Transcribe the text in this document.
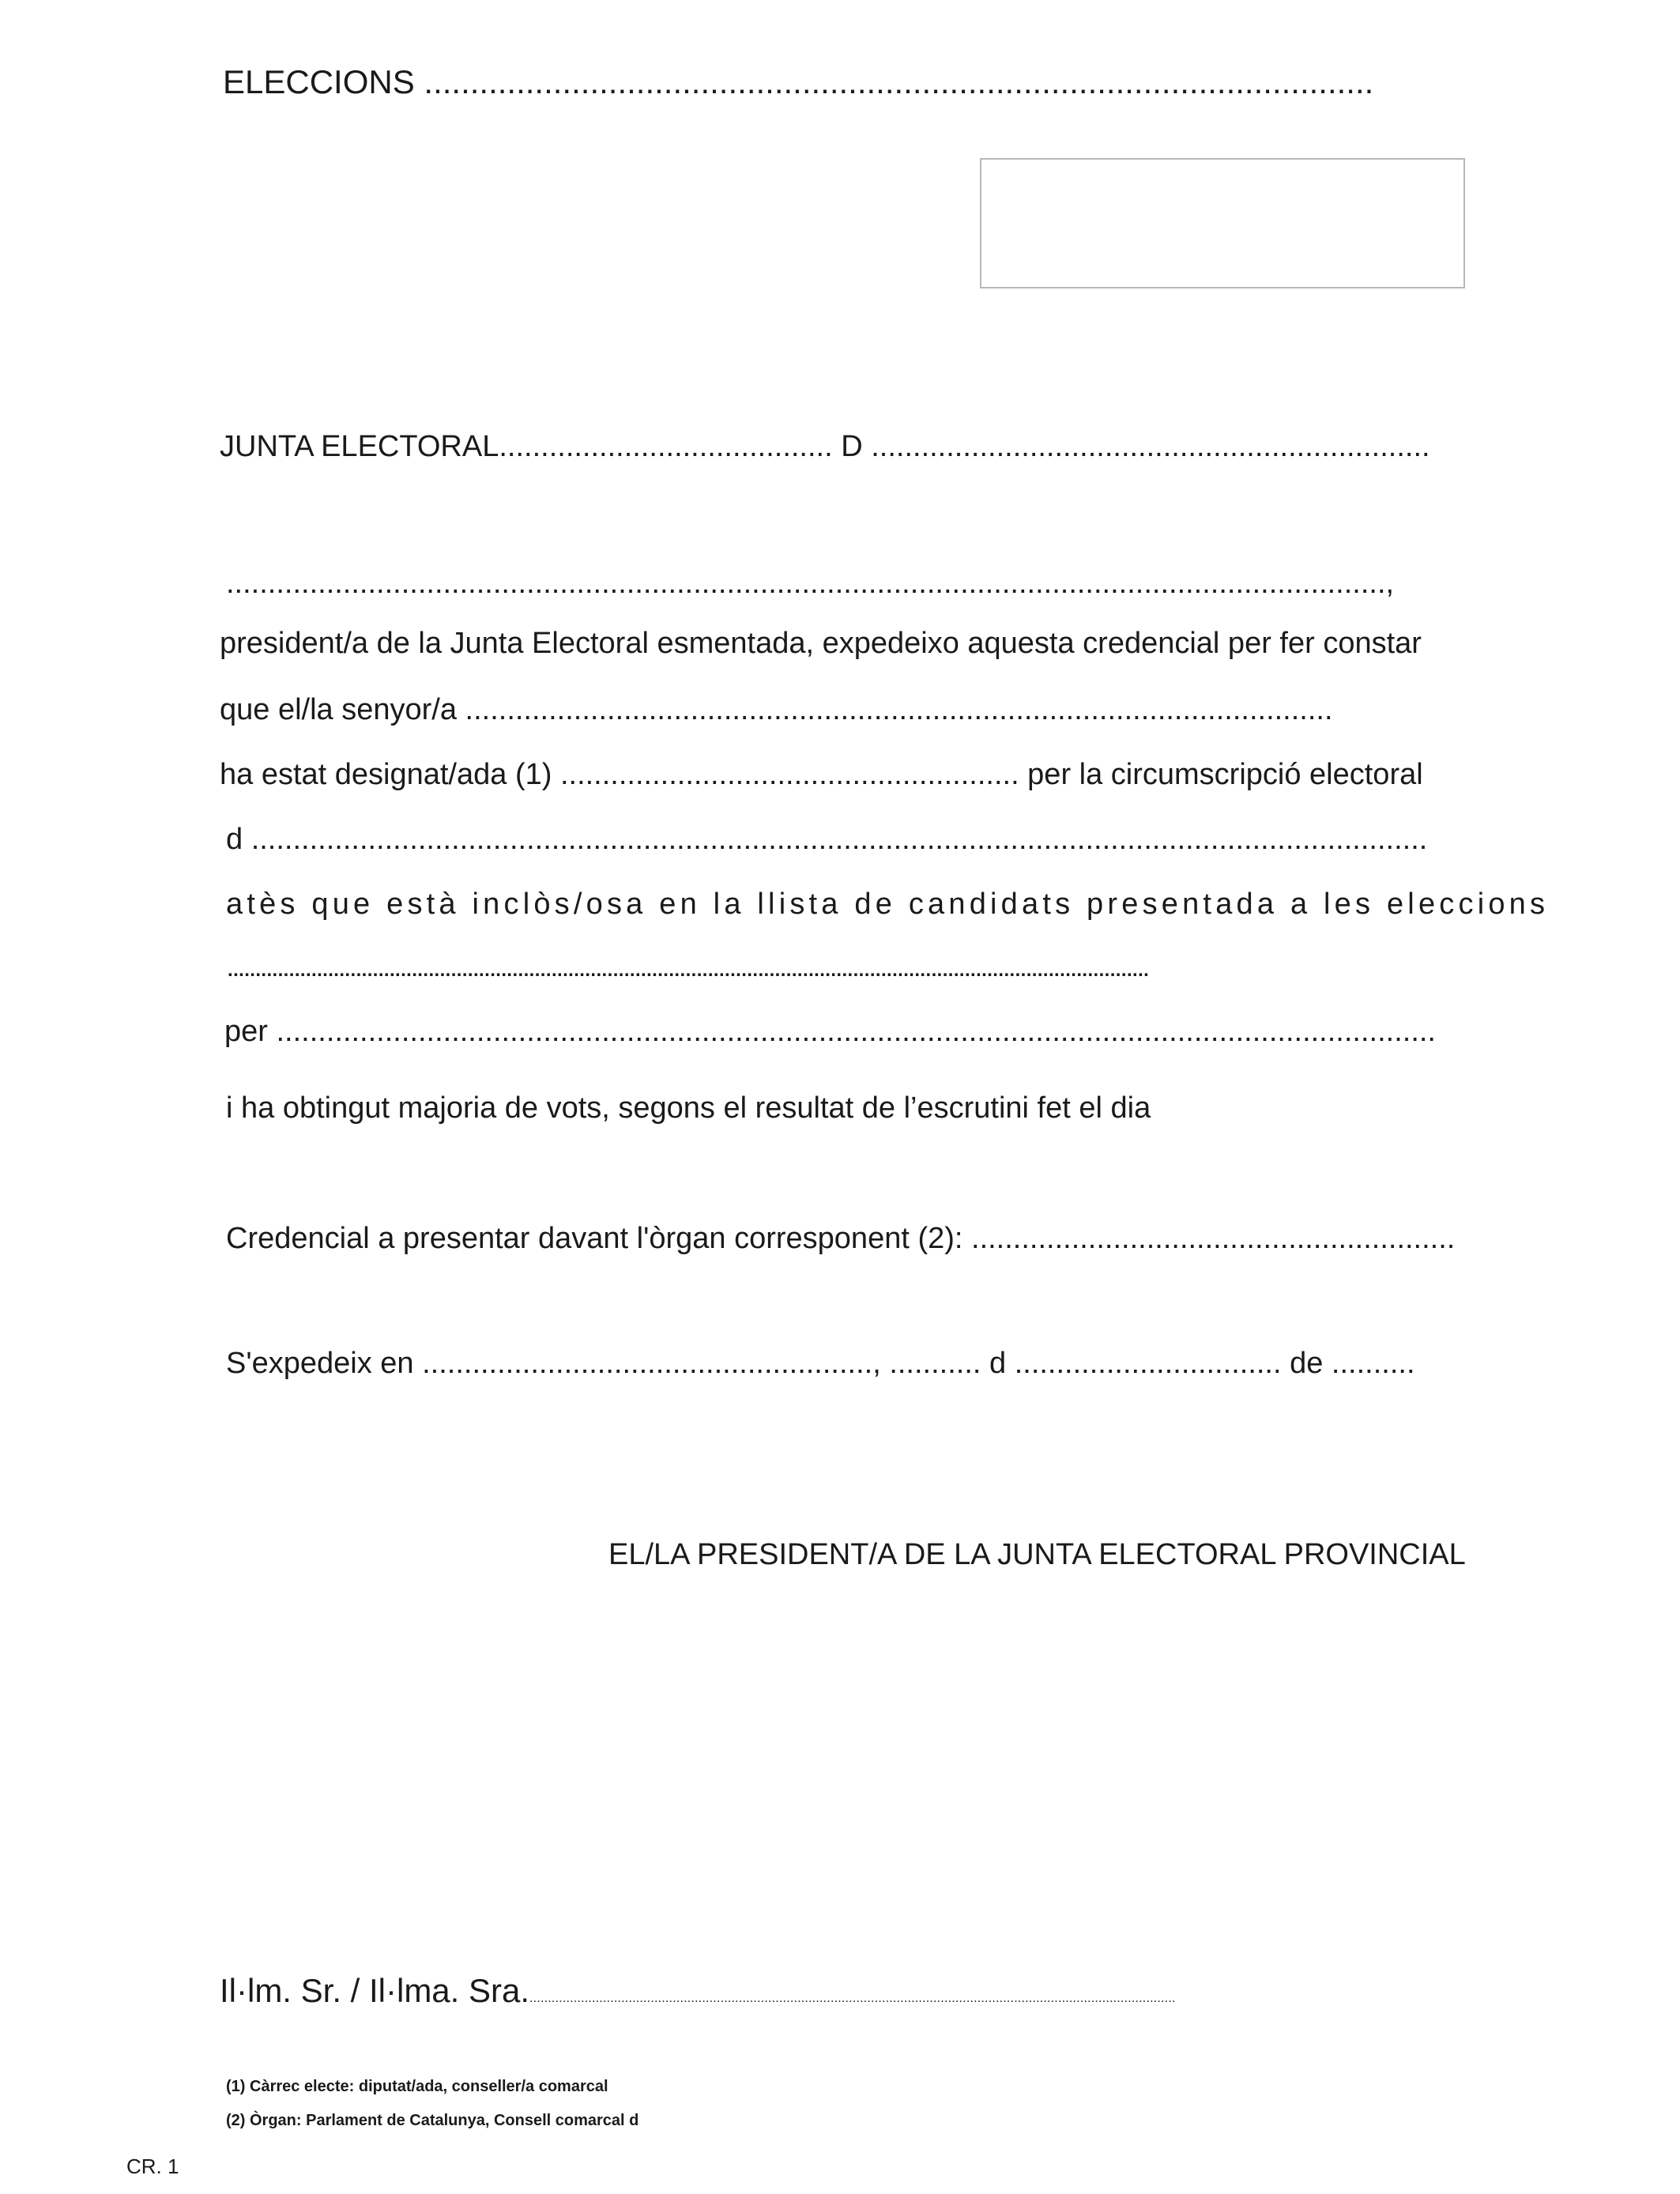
ELECCIONS .......................................................................................................
JUNTA ELECTORAL........................................ D ...................................................................
...........................................................................................................................................,
president/a de la Junta Electoral esmentada, expedeixo aquesta credencial per fer constar
que el/la senyor/a ........................................................................................................
ha estat designat/ada (1) ....................................................... per la circumscripció electoral
d .............................................................................................................................................
atès que està inclòs/osa en la llista de candidats presentada a les eleccions
.....................................................................................................................................................................
per ...........................................................................................................................................
i ha obtingut majoria de vots, segons el resultat de l’escrutini fet el dia
Credencial a presentar davant l'òrgan corresponent (2): ..........................................................
S'expedeix en ......................................................, ........... d ................................ de ..........
EL/LA PRESIDENT/A DE LA JUNTA ELECTORAL PROVINCIAL
Il·lm. Sr. / Il·lma. Sra.................................................................................................................................................................................
(1) Càrrec electe: diputat/ada, conseller/a comarcal
(2) Òrgan: Parlament de Catalunya, Consell comarcal d
CR. 1
